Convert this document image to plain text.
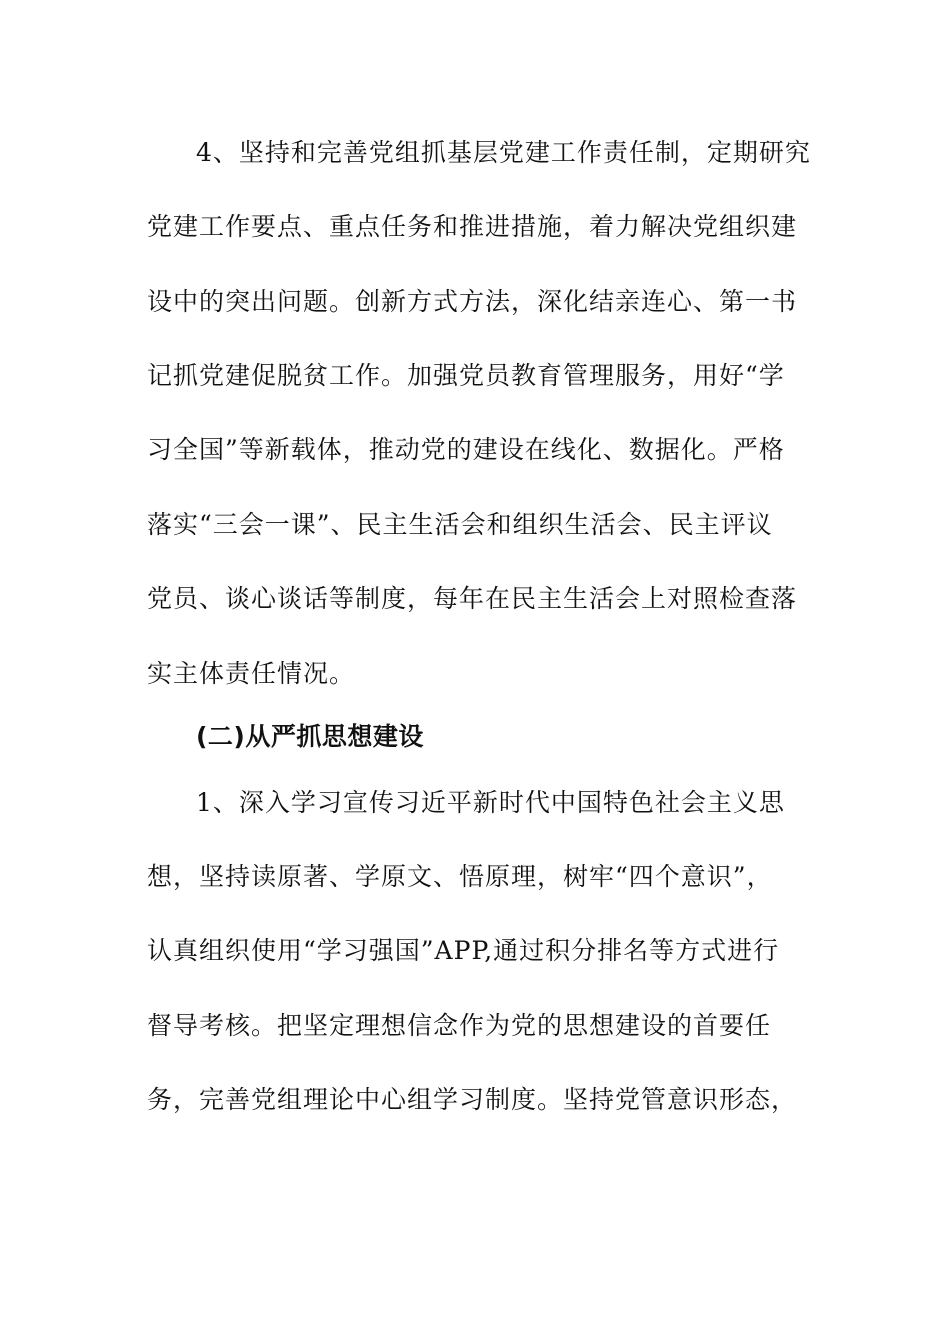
4、坚持和完善党组抓基层党建工作责任制，定期研究
党建工作要点、重点任务和推进措施，着力解决党组织建
设中的突出问题。创新方式方法，深化结亲连心、第一书
记抓党建促脱贫工作。加强党员教育管理服务，用好“学
习全国”等新载体，推动党的建设在线化、数据化。严格
落实“三会一课”、民主生活会和组织生活会、民主评议
党员、谈心谈话等制度，每年在民主生活会上对照检查落
实主体责任情况。
(二)从严抓思想建设
1、深入学习宣传习近平新时代中国特色社会主义思
想，坚持读原著、学原文、悟原理，树牢“四个意识”，
认真组织使用“学习强国”APP,通过积分排名等方式进行
督导考核。把坚定理想信念作为党的思想建设的首要任
务，完善党组理论中心组学习制度。坚持党管意识形态，
